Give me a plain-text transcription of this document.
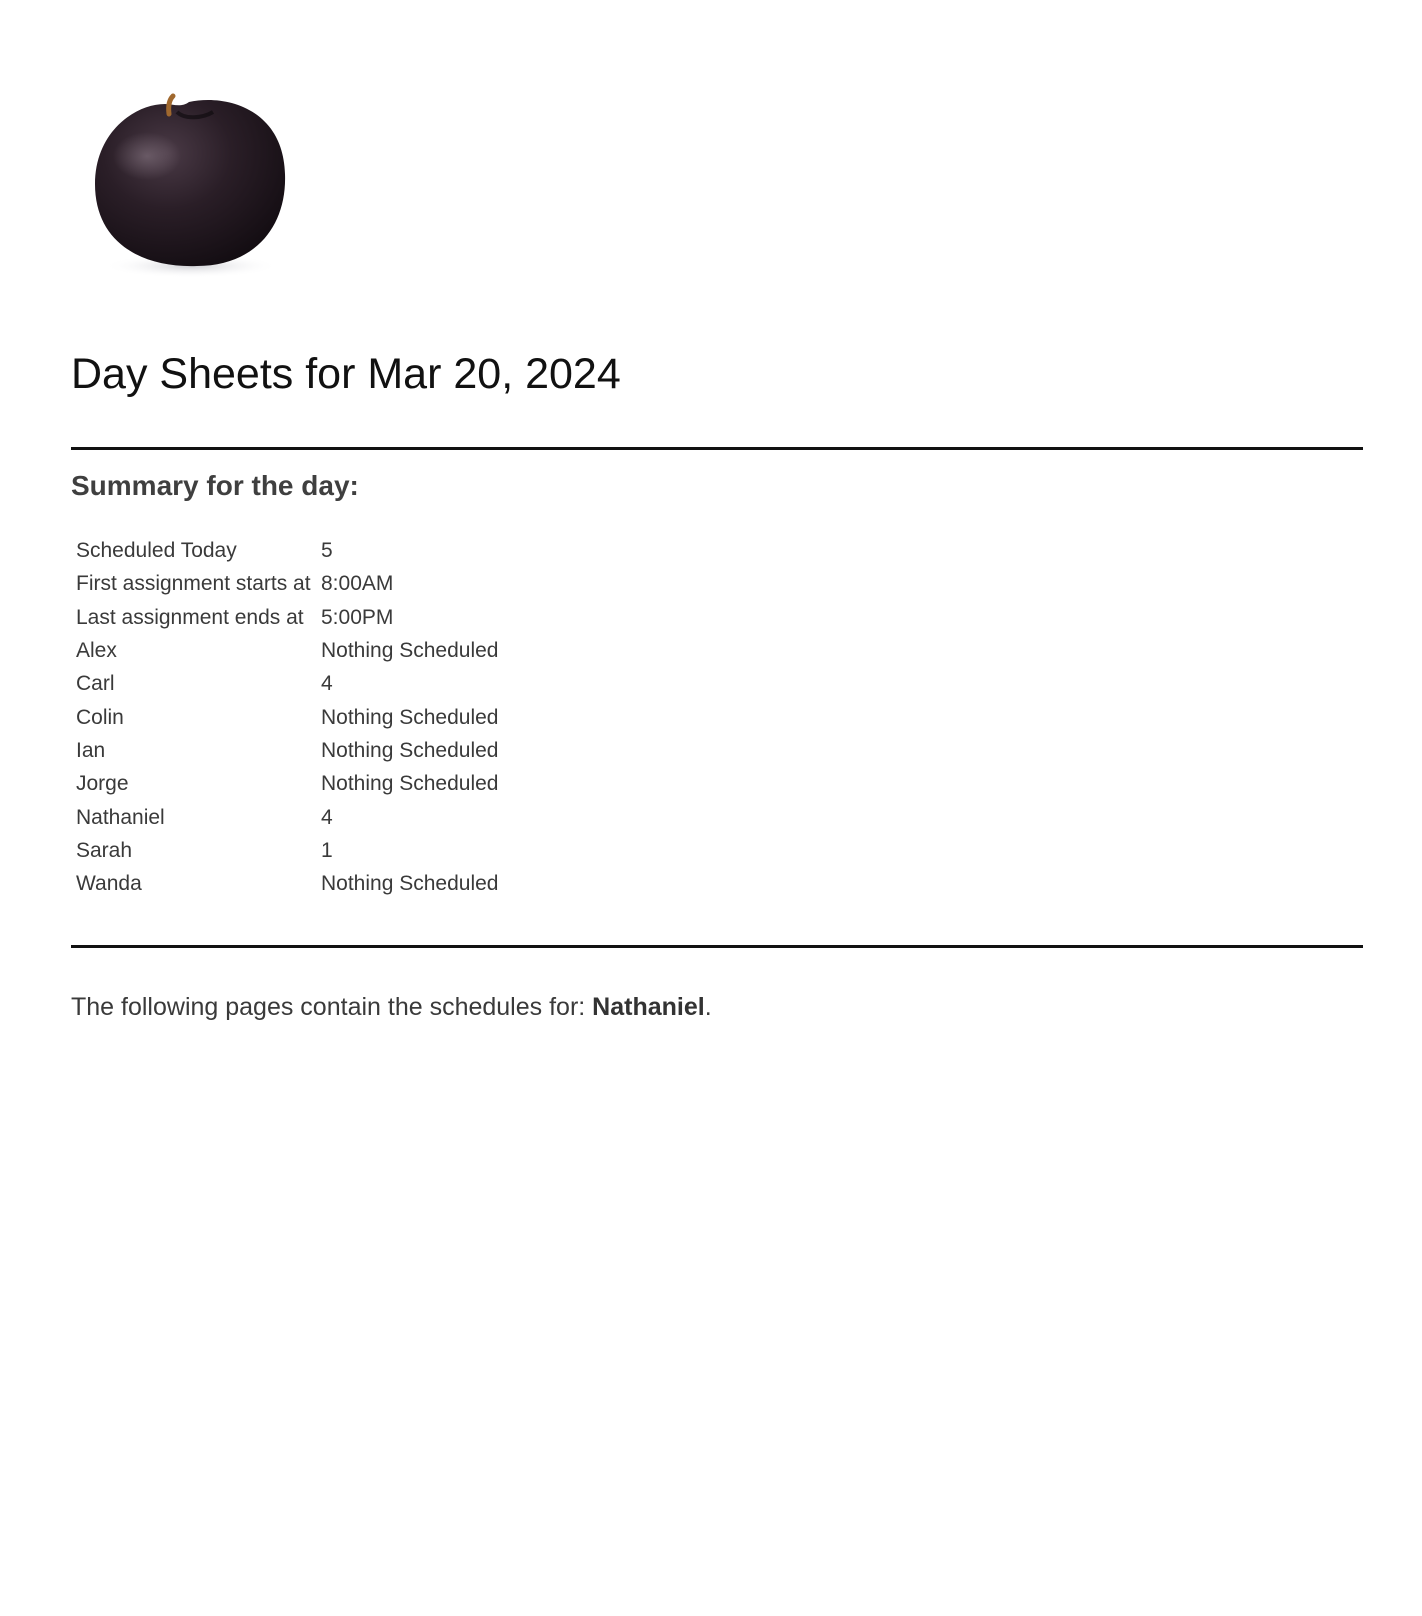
Day Sheets for Mar 20, 2024
Summary for the day:
Scheduled Today	5
First assignment starts at	8:00AM
Last assignment ends at	5:00PM
Alex	Nothing Scheduled
Carl	4
Colin	Nothing Scheduled
Ian	Nothing Scheduled
Jorge	Nothing Scheduled
Nathaniel	4
Sarah	1
Wanda	Nothing Scheduled

The following pages contain the schedules for: Nathaniel.
